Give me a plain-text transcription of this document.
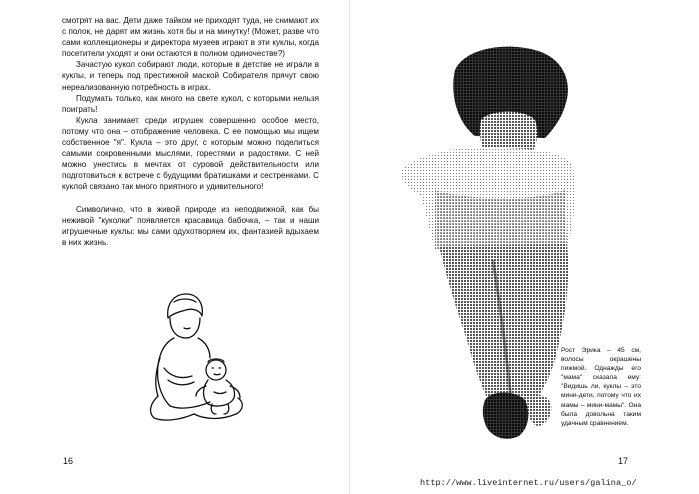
смотрят на вас. Дети даже тайком не приходят туда, не снимают их с полок, не дарят им жизнь хотя бы и на минутку! (Может, разве что сами коллекционеры и директора музеев играют в эти куклы, когда посетители уходят и они остаются в полном одиночестве?)

Зачастую кукол собирают люди, которые в детстве не играли в куклы, и теперь под престижной маской Собирателя прячут свою нереализованную потребность в играх.

Подумать только, как много на свете кукол, с которыми нельзя поиграть!

Кукла занимает среди игрушек совершенно особое место, потому что она – отображение человека. С ее помощью мы ищем собственное "я". Кукла – это друг, с которым можно поделиться самыми сокровенными мыслями, горестями и радостями. С ней можно унестись в мечтах от суровой действительности или подготовиться к встрече с будущими братишками и сестренками. С куклой связано так много приятного и удивительного!

Символично, что в живой природе из неподвижной, как бы неживой "куколки" появляется красавица бабочка, – так и наши игрушечные куклы: мы сами одухотворяем их, фантазией вдыхаем в них жизнь.

16
Рост Эрика – 45 см, волосы окрашены пижмой. Однажды его "мама" сказала ему: "Видишь ли, куклы – это мини-дети, потому что их мамы – мини-мамы". Она была довольна таким удачным сравнением.
17
http://www.liveinternet.ru/users/galina_o/
